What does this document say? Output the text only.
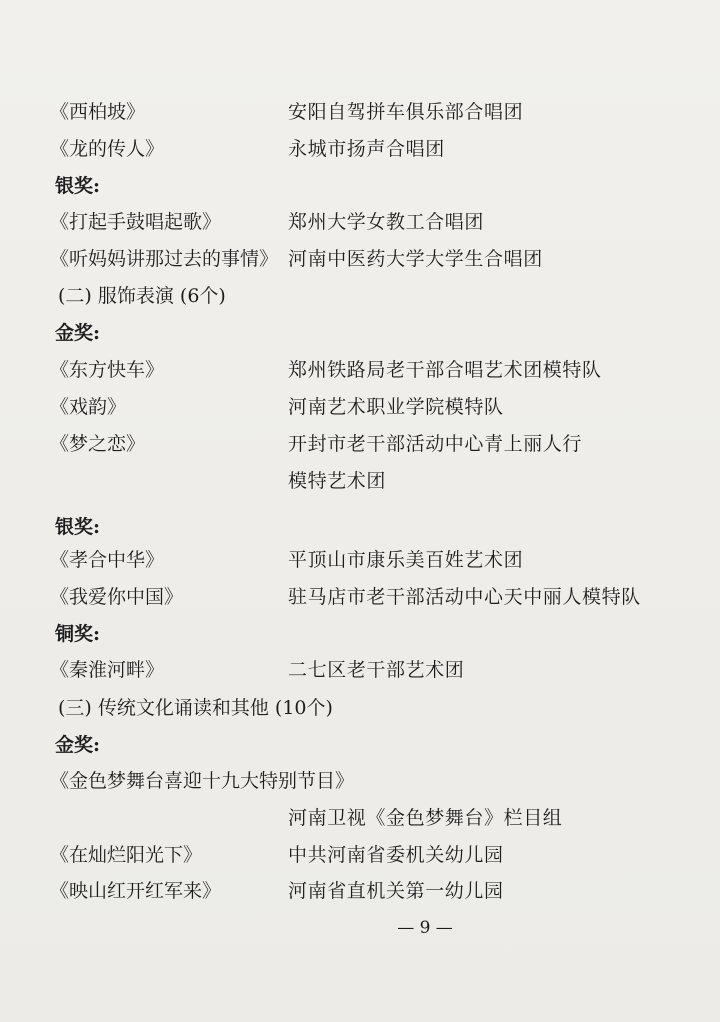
《西柏坡》	安阳自驾拼车俱乐部合唱团
《龙的传人》	永城市扬声合唱团
银奖:
《打起手鼓唱起歌》	郑州大学女教工合唱团
《听妈妈讲那过去的事情》 河南中医药大学大学生合唱团
(二) 服饰表演 (6个)
金奖:
《东方快车》	郑州铁路局老干部合唱艺术团模特队
《戏韵》	河南艺术职业学院模特队
《梦之恋》	开封市老干部活动中心青上丽人行
模特艺术团
银奖:
《孝合中华》	平顶山市康乐美百姓艺术团
《我爱你中国》	驻马店市老干部活动中心天中丽人模特队
铜奖:
《秦淮河畔》	二七区老干部艺术团
(三) 传统文化诵读和其他 (10个)
金奖:
《金色梦舞台喜迎十九大特别节目》
河南卫视《金色梦舞台》栏目组
《在灿烂阳光下》	中共河南省委机关幼儿园
《映山红开红军来》	河南省直机关第一幼儿园
— 9 —
